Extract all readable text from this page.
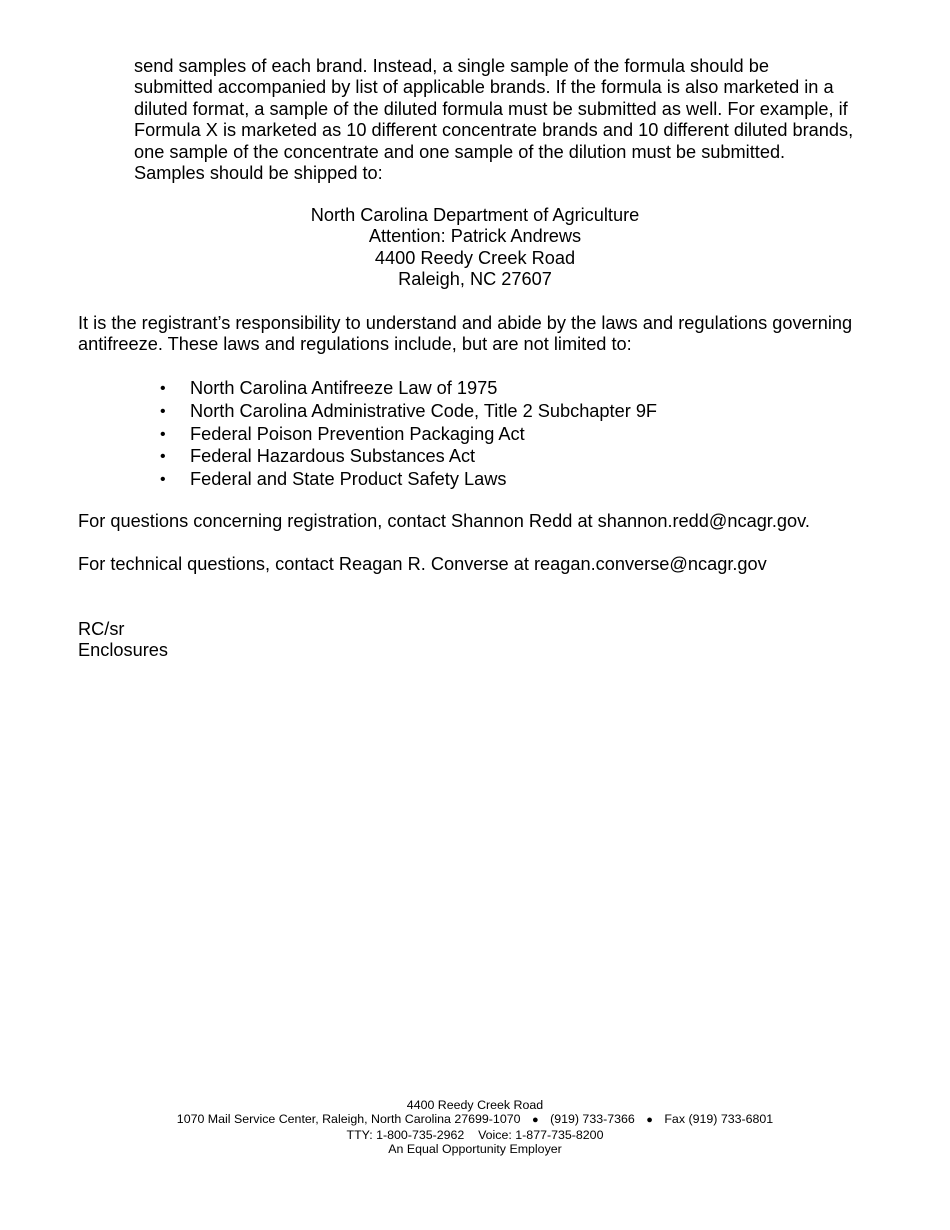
send samples of each brand. Instead, a single sample of the formula should be
submitted accompanied by list of applicable brands. If the formula is also marketed in a
diluted format, a sample of the diluted formula must be submitted as well. For example, if
Formula X is marketed as 10 different concentrate brands and 10 different diluted brands,
one sample of the concentrate and one sample of the dilution must be submitted.
Samples should be shipped to:

North Carolina Department of Agriculture
Attention: Patrick Andrews
4400 Reedy Creek Road
Raleigh, NC 27607

It is the registrant’s responsibility to understand and abide by the laws and regulations governing
antifreeze. These laws and regulations include, but are not limited to:

•	North Carolina Antifreeze Law of 1975
•	North Carolina Administrative Code, Title 2 Subchapter 9F
•	Federal Poison Prevention Packaging Act
•	Federal Hazardous Substances Act
•	Federal and State Product Safety Laws

For questions concerning registration, contact Shannon Redd at shannon.redd@ncagr.gov.

For technical questions, contact Reagan R. Converse at reagan.converse@ncagr.gov

RC/sr
Enclosures
4400 Reedy Creek Road
1070 Mail Service Center, Raleigh, North Carolina 27699-1070 ● (919) 733-7366 ● Fax (919) 733-6801
TTY: 1-800-735-2962    Voice: 1-877-735-8200
An Equal Opportunity Employer
